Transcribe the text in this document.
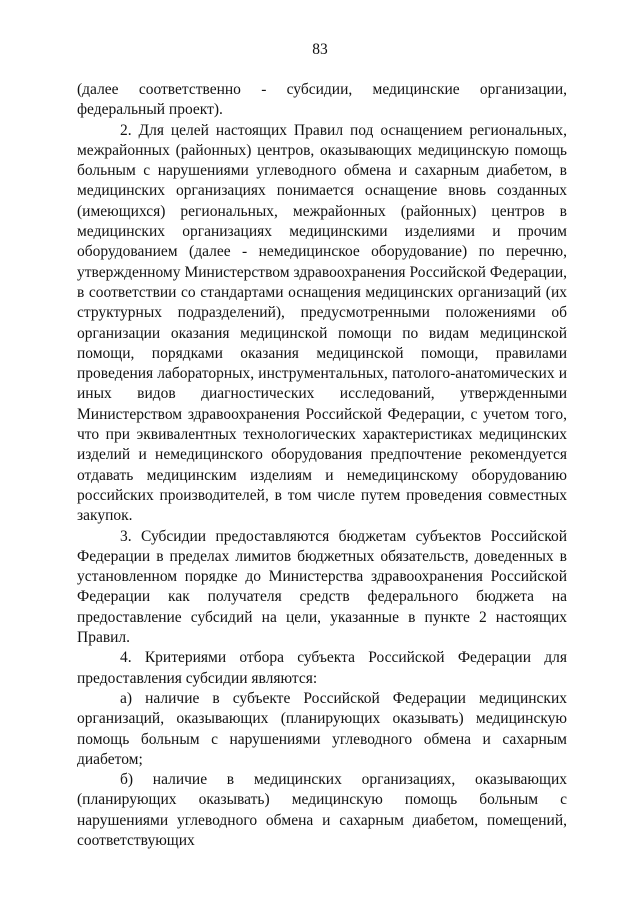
83

(далее соответственно - субсидии, медицинские организации, федеральный проект).

2. Для целей настоящих Правил под оснащением региональных, межрайонных (районных) центров, оказывающих медицинскую помощь больным с нарушениями углеводного обмена и сахарным диабетом, в медицинских организациях понимается оснащение вновь созданных (имеющихся) региональных, межрайонных (районных) центров в медицинских организациях медицинскими изделиями и прочим оборудованием (далее - немедицинское оборудование) по перечню, утвержденному Министерством здравоохранения Российской Федерации, в соответствии со стандартами оснащения медицинских организаций (их структурных подразделений), предусмотренными положениями об организации оказания медицинской помощи по видам медицинской помощи, порядками оказания медицинской помощи, правилами проведения лабораторных, инструментальных, патолого-анатомических и иных видов диагностических исследований, утвержденными Министерством здравоохранения Российской Федерации, с учетом того, что при эквивалентных технологических характеристиках медицинских изделий и немедицинского оборудования предпочтение рекомендуется отдавать медицинским изделиям и немедицинскому оборудованию российских производителей, в том числе путем проведения совместных закупок.

3. Субсидии предоставляются бюджетам субъектов Российской Федерации в пределах лимитов бюджетных обязательств, доведенных в установленном порядке до Министерства здравоохранения Российской Федерации как получателя средств федерального бюджета на предоставление субсидий на цели, указанные в пункте 2 настоящих Правил.

4. Критериями отбора субъекта Российской Федерации для предоставления субсидии являются:

а) наличие в субъекте Российской Федерации медицинских организаций, оказывающих (планирующих оказывать) медицинскую помощь больным с нарушениями углеводного обмена и сахарным диабетом;

б) наличие в медицинских организациях, оказывающих (планирующих оказывать) медицинскую помощь больным с нарушениями углеводного обмена и сахарным диабетом, помещений, соответствующих
